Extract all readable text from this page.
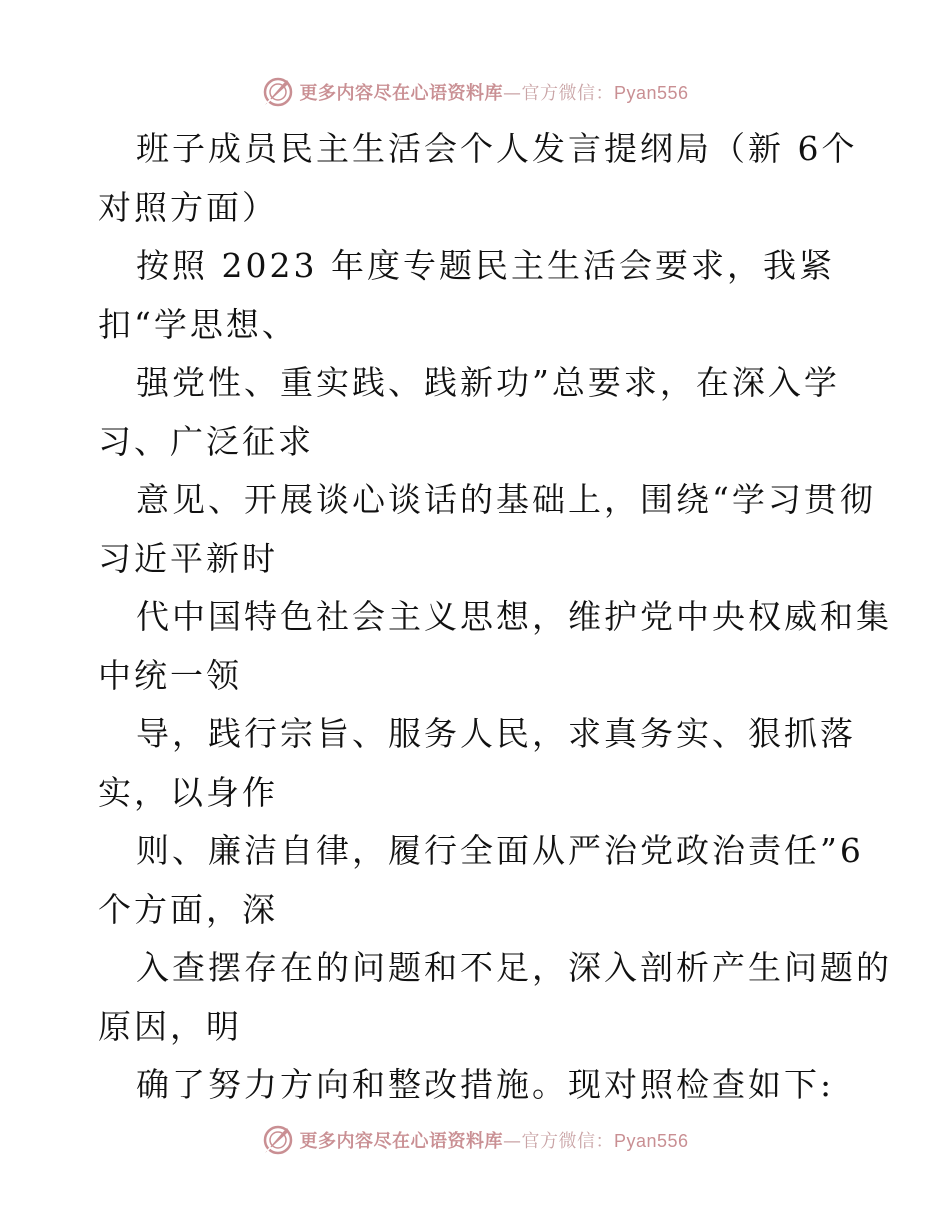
更多内容尽在心语资料库—官方微信：Pyan556
班子成员民主生活会个人发言提纲局（新 6个
对照方面）
按照 2023 年度专题民主生活会要求，我紧
扣“学思想、
强党性、重实践、践新功”总要求，在深入学
习、广泛征求
意见、开展谈心谈话的基础上，围绕“学习贯彻
习近平新时
代中国特色社会主义思想，维护党中央权威和集
中统一领
导，践行宗旨、服务人民，求真务实、狠抓落
实，以身作
则、廉洁自律，履行全面从严治党政治责任”6
个方面，深
入查摆存在的问题和不足，深入剖析产生问题的
原因，明
确了努力方向和整改措施。现对照检查如下:
更多内容尽在心语资料库—官方微信：Pyan556
